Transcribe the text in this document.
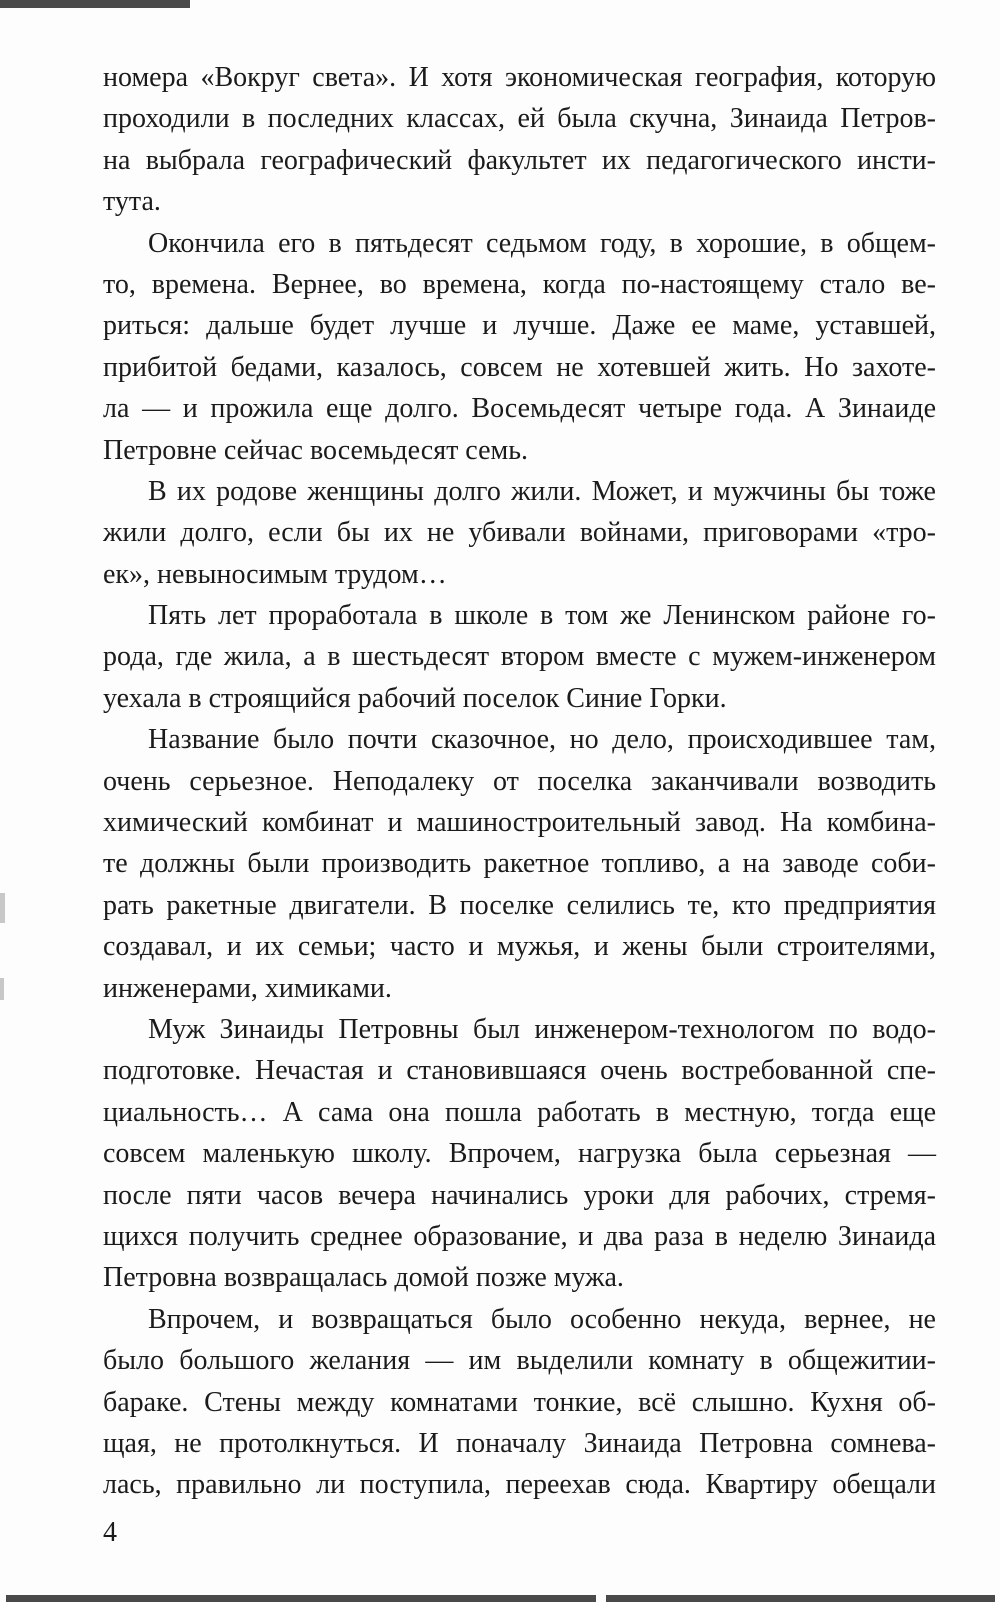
номера «Вокруг света». И хотя экономическая география, которую
проходили в последних классах, ей была скучна, Зинаида Петров-
на выбрала географический факультет их педагогического инсти-
тута.
Окончила его в пятьдесят седьмом году, в хорошие, в общем-
то, времена. Вернее, во времена, когда по-настоящему стало ве-
риться: дальше будет лучше и лучше. Даже ее маме, уставшей,
прибитой бедами, казалось, совсем не хотевшей жить. Но захоте-
ла — и прожила еще долго. Восемьдесят четыре года. А Зинаиде
Петровне сейчас восемьдесят семь.
В их родове женщины долго жили. Может, и мужчины бы тоже
жили долго, если бы их не убивали войнами, приговорами «тро-
ек», невыносимым трудом…
Пять лет проработала в школе в том же Ленинском районе го-
рода, где жила, а в шестьдесят втором вместе с мужем-инженером
уехала в строящийся рабочий поселок Синие Горки.
Название было почти сказочное, но дело, происходившее там,
очень серьезное. Неподалеку от поселка заканчивали возводить
химический комбинат и машиностроительный завод. На комбина-
те должны были производить ракетное топливо, а на заводе соби-
рать ракетные двигатели. В поселке селились те, кто предприятия
создавал, и их семьи; часто и мужья, и жены были строителями,
инженерами, химиками.
Муж Зинаиды Петровны был инженером-технологом по водо-
подготовке. Нечастая и становившаяся очень востребованной спе-
циальность… А сама она пошла работать в местную, тогда еще
совсем маленькую школу. Впрочем, нагрузка была серьезная —
после пяти часов вечера начинались уроки для рабочих, стремя-
щихся получить среднее образование, и два раза в неделю Зинаида
Петровна возвращалась домой позже мужа.
Впрочем, и возвращаться было особенно некуда, вернее, не
было большого желания — им выделили комнату в общежитии-
бараке. Стены между комнатами тонкие, всё слышно. Кухня об-
щая, не протолкнуться. И поначалу Зинаида Петровна сомнева-
лась, правильно ли поступила, переехав сюда. Квартиру обещали
4
